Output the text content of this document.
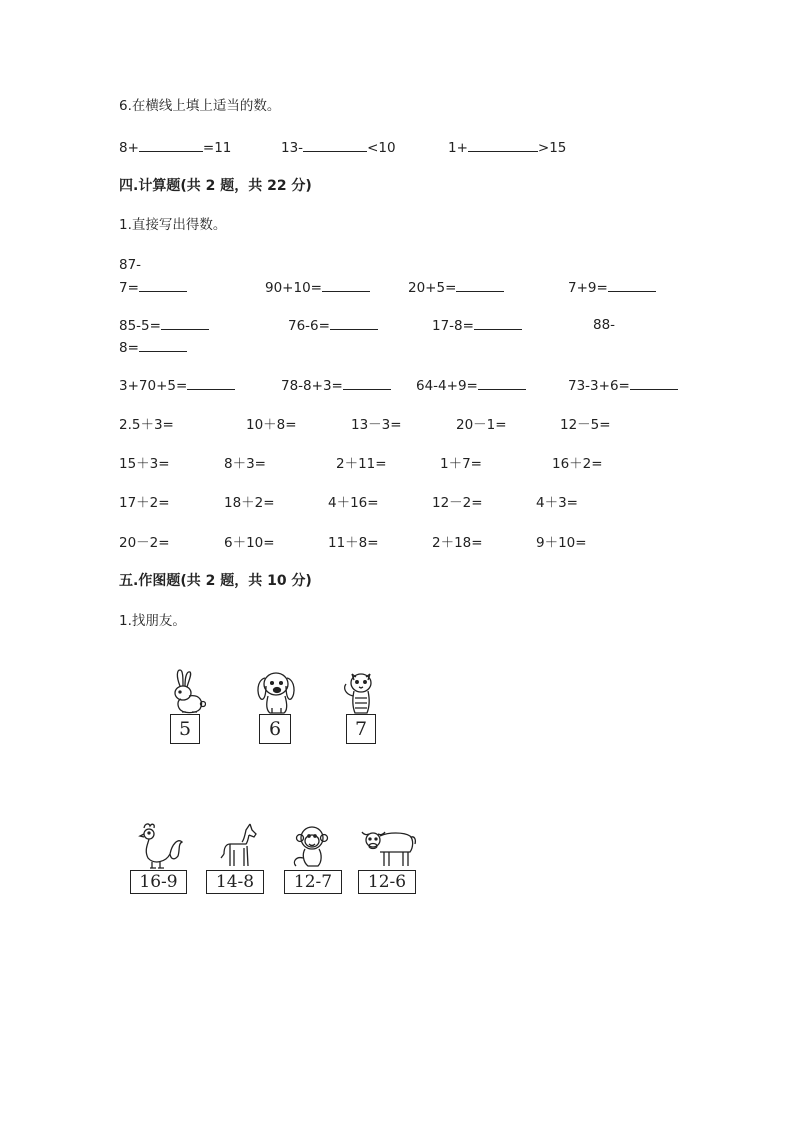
6.在横线上填上适当的数。
8+	=11	13-	<10	1+	>15
四.计算题(共 2 题，共 22 分)
1.直接写出得数。
87-
7=	90+10=	20+5=	7+9=
85-5=	76-6=	17-8=	88-
8=
3+70+5=	78-8+3=	64-4+9=	73-3+6=
2.5＋3=	10＋8=	13－3=	20－1=	12－5=
15＋3=	8＋3=	2＋11=	1＋7=	16＋2=
17＋2=	18＋2=	4＋16=	12－2=	4＋3=
20－2=	6＋10=	11＋8=	2＋18=	9＋10=
五.作图题(共 2 题，共 10 分)
1.找朋友。
5	6	7
16-9	14-8	12-7	12-6
